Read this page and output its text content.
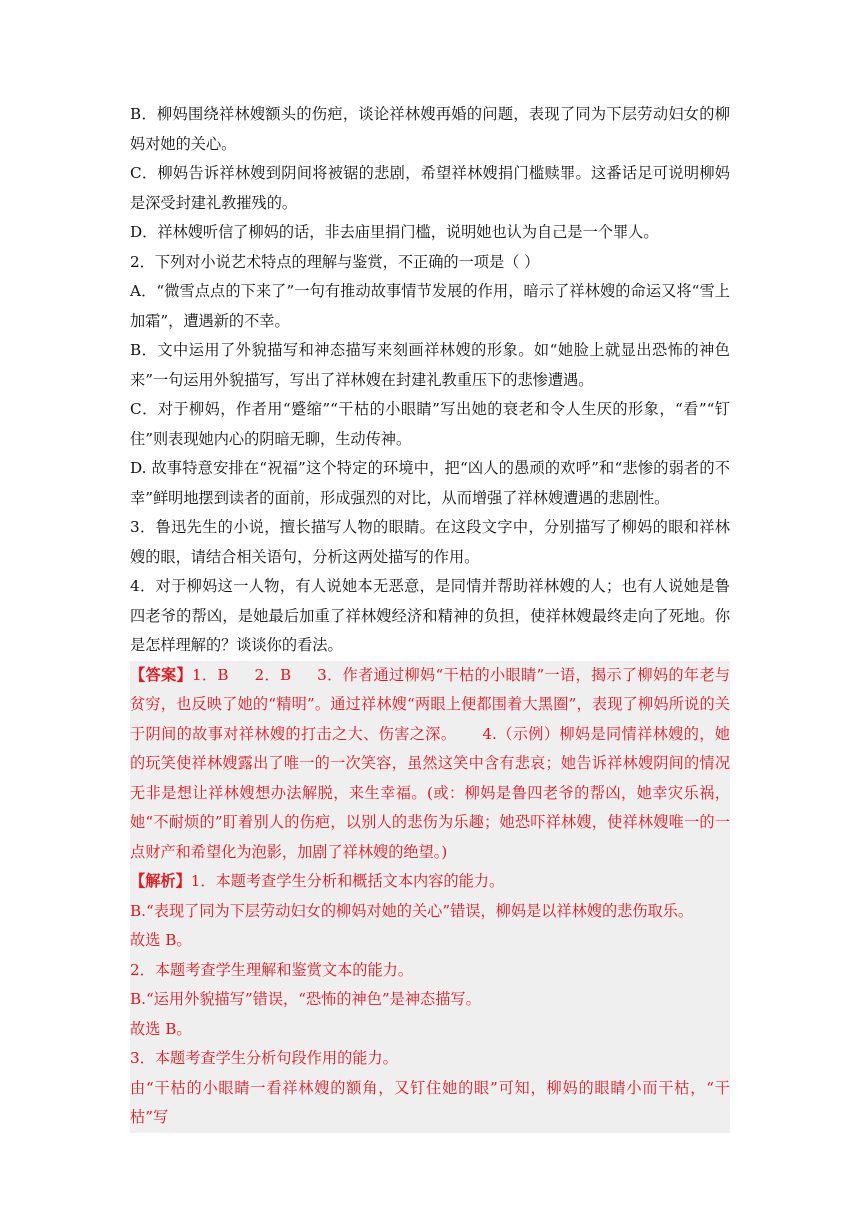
B．柳妈围绕祥林嫂额头的伤疤，谈论祥林嫂再婚的问题，表现了同为下层劳动妇女的柳妈对她的关心。

C．柳妈告诉祥林嫂到阴间将被锯的悲剧，希望祥林嫂捐门槛赎罪。这番话足可说明柳妈是深受封建礼教摧残的。

D．祥林嫂听信了柳妈的话，非去庙里捐门槛，说明她也认为自己是一个罪人。

2．下列对小说艺术特点的理解与鉴赏，不正确的一项是（ ）

A．“微雪点点的下来了”一句有推动故事情节发展的作用，暗示了祥林嫂的命运又将“雪上加霜”，遭遇新的不幸。

B．文中运用了外貌描写和神态描写来刻画祥林嫂的形象。如“她脸上就显出恐怖的神色来”一句运用外貌描写，写出了祥林嫂在封建礼教重压下的悲惨遭遇。

C．对于柳妈，作者用“蹙缩”“干枯的小眼睛”写出她的衰老和令人生厌的形象，“看”“钉住”则表现她内心的阴暗无聊，生动传神。

D. 故事特意安排在“祝福”这个特定的环境中，把“凶人的愚顽的欢呼”和“悲惨的弱者的不幸”鲜明地摆到读者的面前，形成强烈的对比，从而增强了祥林嫂遭遇的悲剧性。

3．鲁迅先生的小说，擅长描写人物的眼睛。在这段文字中，分别描写了柳妈的眼和祥林嫂的眼，请结合相关语句，分析这两处描写的作用。

4．对于柳妈这一人物，有人说她本无恶意，是同情并帮助祥林嫂的人；也有人说她是鲁四老爷的帮凶，是她最后加重了祥林嫂经济和精神的负担，使祥林嫂最终走向了死地。你是怎样理解的？谈谈你的看法。

【答案】1．B 2．B 3．作者通过柳妈“干枯的小眼睛”一语，揭示了柳妈的年老与贫穷，也反映了她的“精明”。通过祥林嫂“两眼上便都围着大黑圈”，表现了柳妈所说的关于阴间的故事对祥林嫂的打击之大、伤害之深。 4.（示例）柳妈是同情祥林嫂的，她的玩笑使祥林嫂露出了唯一的一次笑容，虽然这笑中含有悲哀；她告诉祥林嫂阴间的情况无非是想让祥林嫂想办法解脱，来生幸福。(或：柳妈是鲁四老爷的帮凶，她幸灾乐祸，她“不耐烦的”盯着别人的伤疤，以别人的悲伤为乐趣；她恐吓祥林嫂，使祥林嫂唯一的一点财产和希望化为泡影，加剧了祥林嫂的绝望。)

【解析】1．本题考查学生分析和概括文本内容的能力。

B.“表现了同为下层劳动妇女的柳妈对她的关心”错误，柳妈是以祥林嫂的悲伤取乐。

故选 B。

2．本题考查学生理解和鉴赏文本的能力。

B.“运用外貌描写”错误，“恐怖的神色”是神态描写。

故选 B。

3．本题考查学生分析句段作用的能力。

由“干枯的小眼睛一看祥林嫂的额角，又钉住她的眼”可知，柳妈的眼睛小而干枯，“干枯”写
